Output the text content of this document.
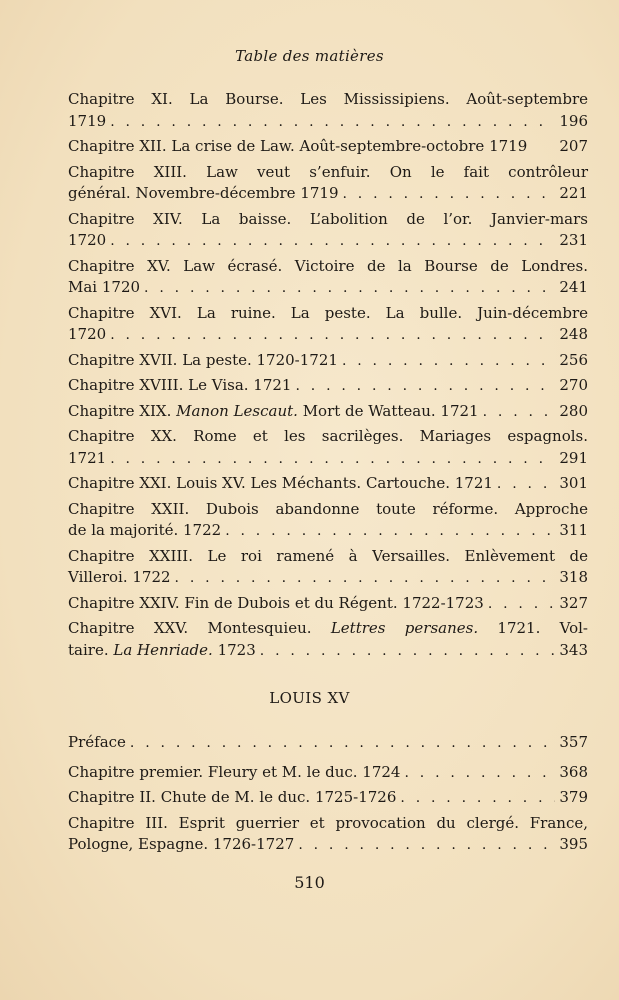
Table des matières
Chapitre XI. La Bourse. Les Mississipiens. Août-septembre
1719 . . .	196
Chapitre XII. La crise de Law. Août-septembre-octobre 1719 207
Chapitre XIII. Law veut s’enfuir. On le fait contrôleur
général. Novembre-décembre 1719 . . .	221
Chapitre XIV. La baisse. L’abolition de l’or. Janvier-mars
1720 . . .	231
Chapitre XV. Law écrasé. Victoire de la Bourse de Londres.
Mai 1720 . . .	241
Chapitre XVI. La ruine. La peste. La bulle. Juin-décembre
1720 . . .	248
Chapitre XVII. La peste. 1720-1721 . . .	256
Chapitre XVIII. Le Visa. 1721 . . .	270
Chapitre XIX. Manon Lescaut. Mort de Watteau. 1721 . . .	280
Chapitre XX. Rome et les sacrilèges. Mariages espagnols.
1721 . . .	291
Chapitre XXI. Louis XV. Les Méchants. Cartouche. 1721 . . .	301
Chapitre XXII. Dubois abandonne toute réforme. Approche
de la majorité. 1722 . . .	311
Chapitre XXIII. Le roi ramené à Versailles. Enlèvement de
Villeroi. 1722 . . .	318
Chapitre XXIV. Fin de Dubois et du Régent. 1722-1723 . . .	327
Chapitre XXV. Montesquieu. Lettres persanes. 1721. Vol-
taire. La Henriade. 1723 . . .	343
LOUIS XV
Préface . . .	357
Chapitre premier. Fleury et M. le duc. 1724 . . .	368
Chapitre II. Chute de M. le duc. 1725-1726 . . .	379
Chapitre III. Esprit guerrier et provocation du clergé. France,
Pologne, Espagne. 1726-1727 . . .	395
510
